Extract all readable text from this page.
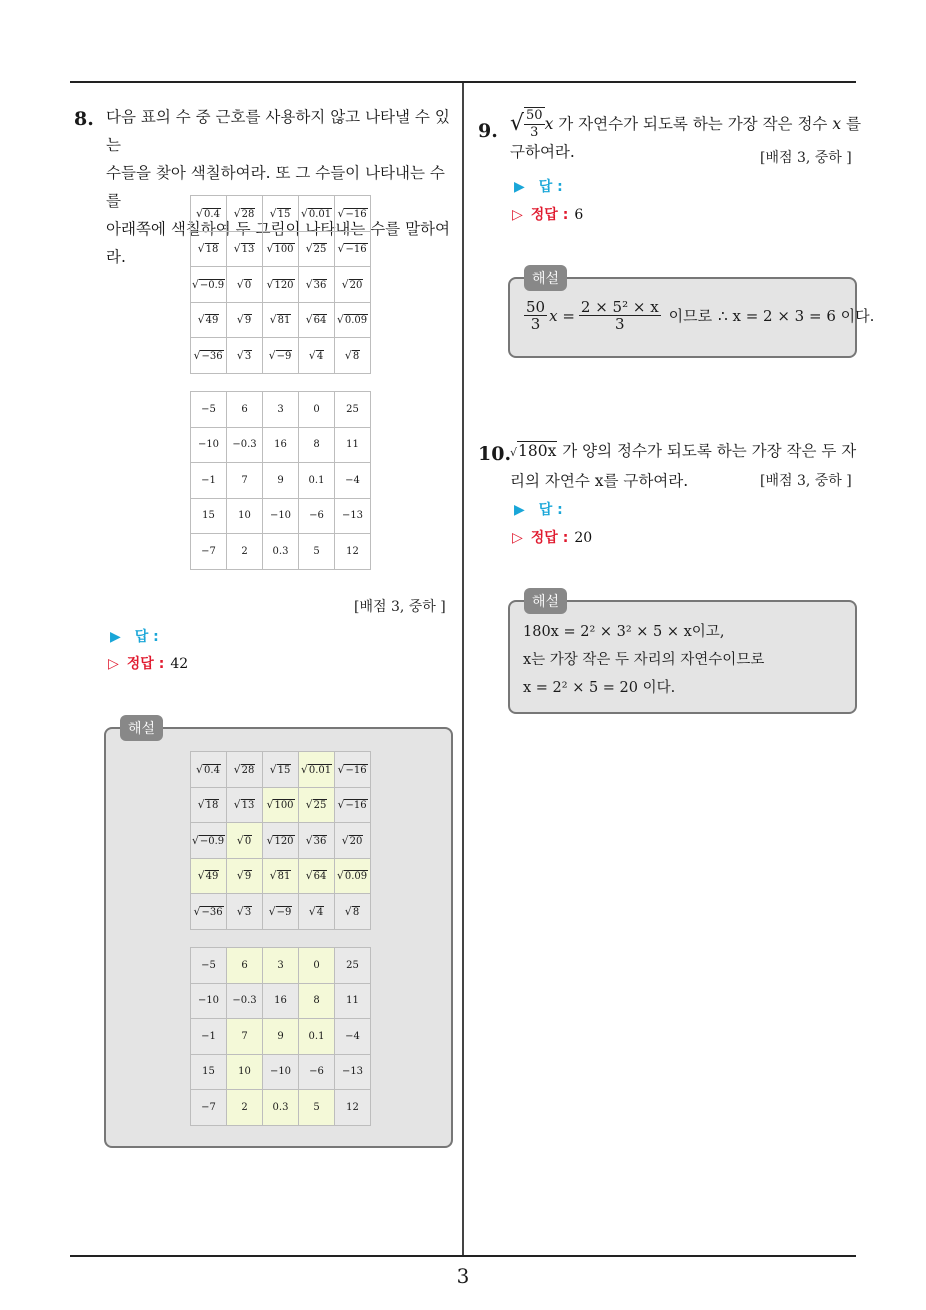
3
8. 다음 표의 수 중 근호를 사용하지 않고 나타낼 수 있는
수들을 찾아 색칠하여라. 또 그 수들이 나타내는 수를
아래쪽에 색칠하여 두 그림이 나타내는 수를 말하여라.
√0.4	√28	√15	√0.01	√−16
√18	√13	√100	√25	√−16
√−0.9	√0	√120	√36	√20
√49	√9	√81	√64	√0.09
√−36	√3	√−9	√4	√8
−5	6	3	0	25
−10	−0.3	16	8	11
−1	7	9	0.1	−4
15	10	−10	−6	−13
−7	2	0.3	5	12
[배점 3, 중하 ]
▶ 답 :
▷ 정답 : 42
√0.4	√28	√15	√0.01	√−16
√18	√13	√100	√25	√−16
√−0.9	√0	√120	√36	√20
√49	√9	√81	√64	√0.09
√−36	√3	√−9	√4	√8
−5	6	3	0	25
−10	−0.3	16	8	11
−1	7	9	0.1	−4
15	10	−10	−6	−13
−7	2	0.3	5	12
해설
9. √ $\frac{50}{3}$ x 가 자연수가 되도록 하는 가장 작은 정수 x 를
구하여라.	[배점 3, 중하 ]
▶ 답 :
▷ 정답 : 6
$\frac{50}{3}$ $x = \frac{\text{2 × 5² × x}}{3}$ 이므로 ∴ x = 2 × 3 = 6 이다.
해설
10.
√180x 가 양의 정수가 되도록 하는 가장 작은 두 자
리의 자연수 x를 구하여라.	[배점 3, 중하 ]
▶ 답 :
▷ 정답 : 20
180x = 2² × 3² × 5 × x이고,
x는 가장 작은 두 자리의 자연수이므로
x = 2² × 5 = 20 이다.
해설
